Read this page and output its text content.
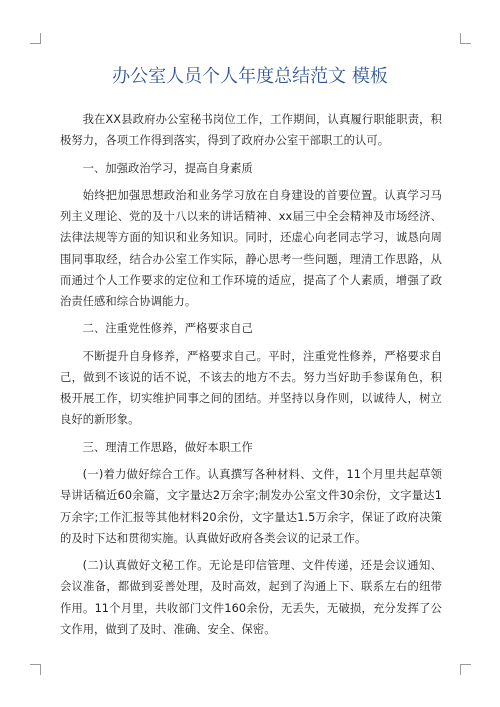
办公室人员个人年度总结范文 模板

我在XX县政府办公室秘书岗位工作，工作期间，认真履行职能职责，积极努力，各项工作得到落实，得到了政府办公室干部职工的认可。

一、加强政治学习，提高自身素质

始终把加强思想政治和业务学习放在自身建设的首要位置。认真学习马列主义理论、党的及十八以来的讲话精神、xx届三中全会精神及市场经济、法律法规等方面的知识和业务知识。同时，还虚心向老同志学习，诚恳向周围同事取经，结合办公室工作实际，静心思考一些问题，理清工作思路，从而通过个人工作要求的定位和工作环境的适应，提高了个人素质，增强了政治责任感和综合协调能力。

二、注重党性修养，严格要求自己

不断提升自身修养，严格要求自己。平时，注重党性修养，严格要求自己，做到不该说的话不说，不该去的地方不去。努力当好助手参谋角色，积极开展工作，切实维护同事之间的团结。并坚持以身作则，以诚待人，树立良好的新形象。

三、理清工作思路，做好本职工作

(一)着力做好综合工作。认真撰写各种材料、文件，11个月里共起草领导讲话稿近60余篇，文字量达2万余字;制发办公室文件30余份，文字量达1万余字;工作汇报等其他材料20余份，文字量达1.5万余字，保证了政府决策的及时下达和贯彻实施。认真做好政府各类会议的记录工作。

(二)认真做好文秘工作。无论是印信管理、文件传递，还是会议通知、会议准备，都做到妥善处理，及时高效，起到了沟通上下、联系左右的纽带作用。11个月里，共收部门文件160余份，无丢失，无破损，充分发挥了公文作用，做到了及时、准确、安全、保密。
